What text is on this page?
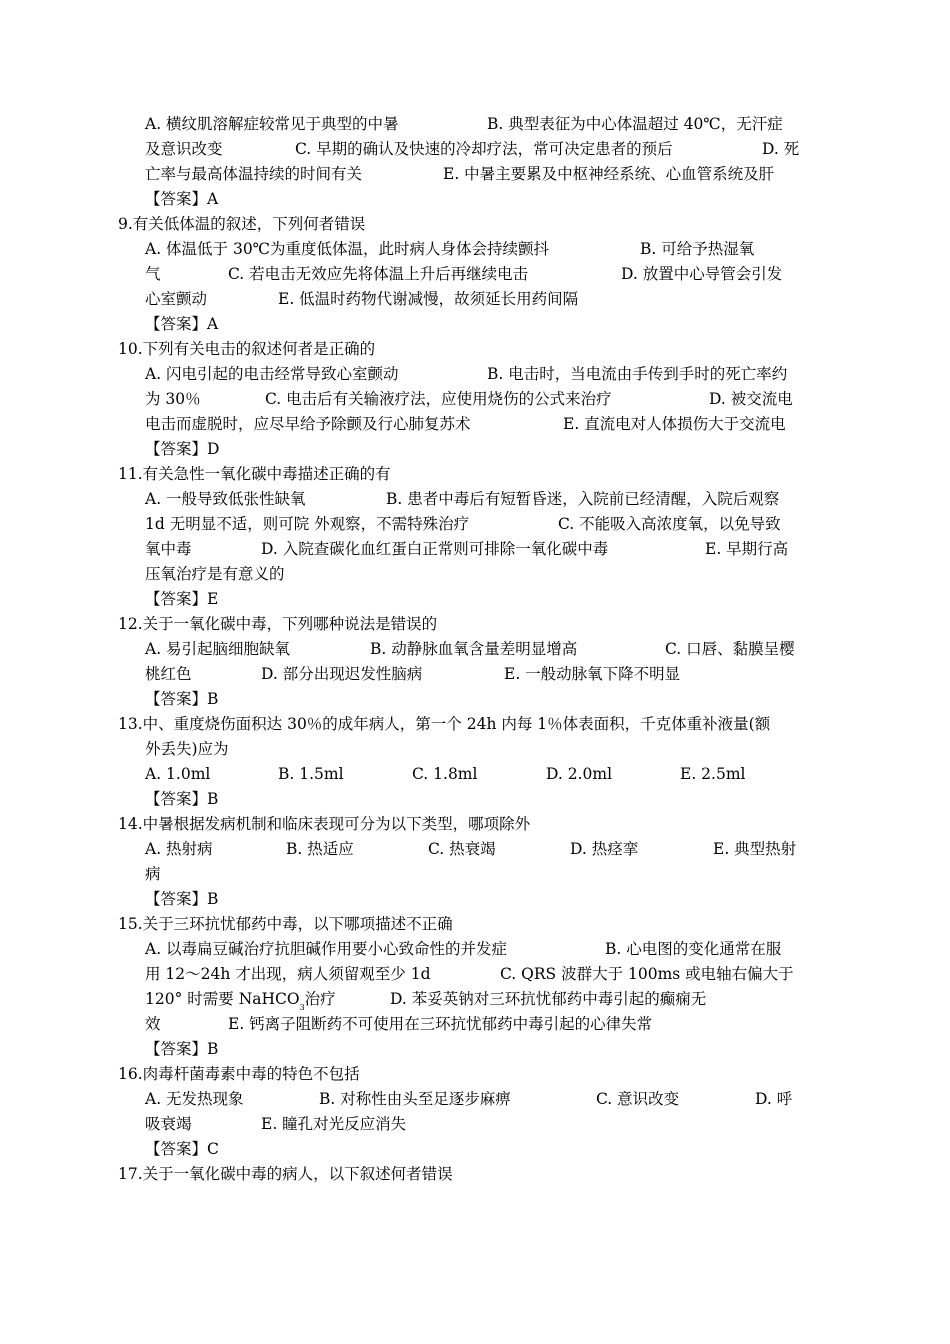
A. 横纹肌溶解症较常见于典型的中暑	B. 典型表征为中心体温超过 40℃，无汗症
及意识改变	C. 早期的确认及快速的冷却疗法，常可决定患者的预后	D. 死
亡率与最高体温持续的时间有关	E. 中暑主要累及中枢神经系统、心血管系统及肝
【答案】A
9.有关低体温的叙述，下列何者错误
A. 体温低于 30℃为重度低体温，此时病人身体会持续颤抖	B. 可给予热湿氧
气	C. 若电击无效应先将体温上升后再继续电击	D. 放置中心导管会引发
心室颤动	E. 低温时药物代谢减慢，故须延长用药间隔
【答案】A
10.下列有关电击的叙述何者是正确的
A. 闪电引起的电击经常导致心室颤动	B. 电击时，当电流由手传到手时的死亡率约
为 30％	C. 电击后有关输液疗法，应使用烧伤的公式来治疗	D. 被交流电
电击而虚脱时，应尽早给予除颤及行心肺复苏术	E. 直流电对人体损伤大于交流电
【答案】D
11.有关急性一氧化碳中毒描述正确的有
A. 一般导致低张性缺氧	B. 患者中毒后有短暂昏迷，入院前已经清醒，入院后观察
1d 无明显不适，则可院 外观察，不需特殊治疗	C. 不能吸入高浓度氧，以免导致
氧中毒	D. 入院查碳化血红蛋白正常则可排除一氧化碳中毒	E. 早期行高
压氧治疗是有意义的
【答案】E
12.关于一氧化碳中毒，下列哪种说法是错误的
A. 易引起脑细胞缺氧	B. 动静脉血氧含量差明显增高	C. 口唇、黏膜呈樱
桃红色	D. 部分出现迟发性脑病	E. 一般动脉氧下降不明显
【答案】B
13.中、重度烧伤面积达 30％的成年病人，第一个 24h 内每 1％体表面积，千克体重补液量(额
外丢失)应为
A. 1.0ml	B. 1.5ml	C. 1.8ml	D. 2.0ml	E. 2.5ml
【答案】B
14.中暑根据发病机制和临床表现可分为以下类型，哪项除外
A. 热射病	B. 热适应	C. 热衰竭	D. 热痉挛	E. 典型热射
病
【答案】B
15.关于三环抗忧郁药中毒，以下哪项描述不正确
A. 以毒扁豆碱治疗抗胆碱作用要小心致命性的并发症	B. 心电图的变化通常在服
用 12～24h 才出现，病人须留观至少 1d	C. QRS 波群大于 100ms 或电轴右偏大于
120° 时需要 NaHCO$_3$治疗	D. 苯妥英钠对三环抗忧郁药中毒引起的癫痫无
效	E. 钙离子阻断药不可使用在三环抗忧郁药中毒引起的心律失常
【答案】B
16.肉毒杆菌毒素中毒的特色不包括
A. 无发热现象	B. 对称性由头至足逐步麻痹	C. 意识改变	D. 呼
吸衰竭	E. 瞳孔对光反应消失
【答案】C
17.关于一氧化碳中毒的病人，以下叙述何者错误
